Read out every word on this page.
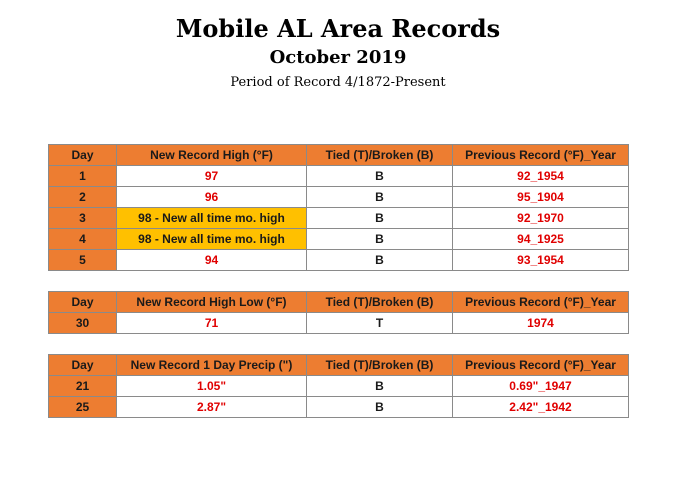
Mobile AL Area Records
October 2019
Period of Record 4/1872-Present
Day	New Record High (°F)	Tied (T)/Broken (B)	Previous Record (°F)_Year
1	97	B	92_1954
2	96	B	95_1904
3	98 - New all time mo. high	B	92_1970
4	98 - New all time mo. high	B	94_1925
5	94	B	93_1954
Day	New Record High Low (°F)	Tied (T)/Broken (B)	Previous Record (°F)_Year
30	71	T	1974
Day	New Record 1 Day Precip (")	Tied (T)/Broken (B)	Previous Record (°F)_Year
21	1.05"	B	0.69"_1947
25	2.87"	B	2.42"_1942
